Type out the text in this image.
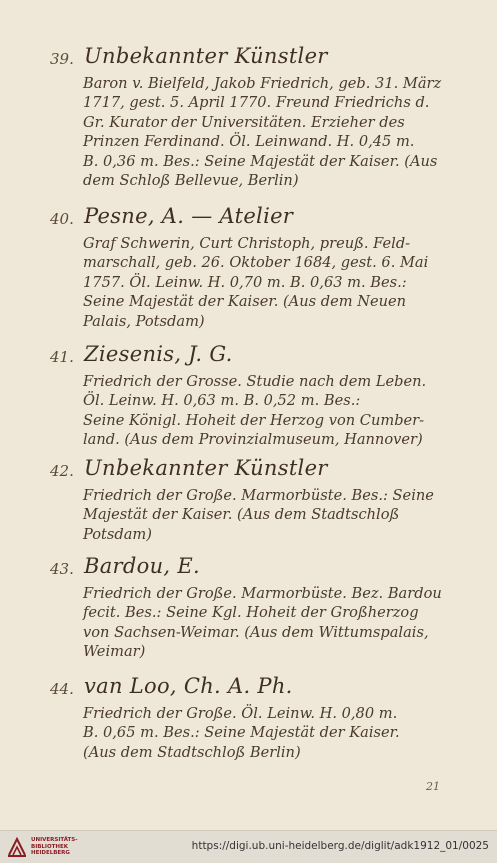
39. Unbekannter Künstler
Baron v. Bielfeld, Jakob Friedrich, geb. 31. März
1717, gest. 5. April 1770. Freund Friedrichs d.
Gr. Kurator der Universitäten. Erzieher des
Prinzen Ferdinand. Öl. Leinwand. H. 0,45 m.
B. 0,36 m. Bes.: Seine Majestät der Kaiser. (Aus
dem Schloß Bellevue, Berlin)
40. Pesne, A. — Atelier
Graf Schwerin, Curt Christoph, preuß. Feld-
marschall, geb. 26. Oktober 1684, gest. 6. Mai
1757. Öl. Leinw. H. 0,70 m. B. 0,63 m. Bes.:
Seine Majestät der Kaiser. (Aus dem Neuen
Palais, Potsdam)
41. Ziesenis, J. G.
Friedrich der Grosse. Studie nach dem Leben.
Öl. Leinw. H. 0,63 m. B. 0,52 m. Bes.:
Seine Königl. Hoheit der Herzog von Cumber-
land. (Aus dem Provinzialmuseum, Hannover)
42. Unbekannter Künstler
Friedrich der Große. Marmorbüste. Bes.: Seine
Majestät der Kaiser. (Aus dem Stadtschloß
Potsdam)
43. Bardou, E.
Friedrich der Große. Marmorbüste. Bez. Bardou
fecit. Bes.: Seine Kgl. Hoheit der Großherzog
von Sachsen-Weimar. (Aus dem Wittumspalais,
Weimar)
44. van Loo, Ch. A. Ph.
Friedrich der Große. Öl. Leinw. H. 0,80 m.
B. 0,65 m. Bes.: Seine Majestät der Kaiser.
(Aus dem Stadtschloß Berlin)
21
UNIVERSITÄTS-
BIBLIOTHEK
HEIDELBERG
https://digi.ub.uni-heidelberg.de/diglit/adk1912_01/0025
